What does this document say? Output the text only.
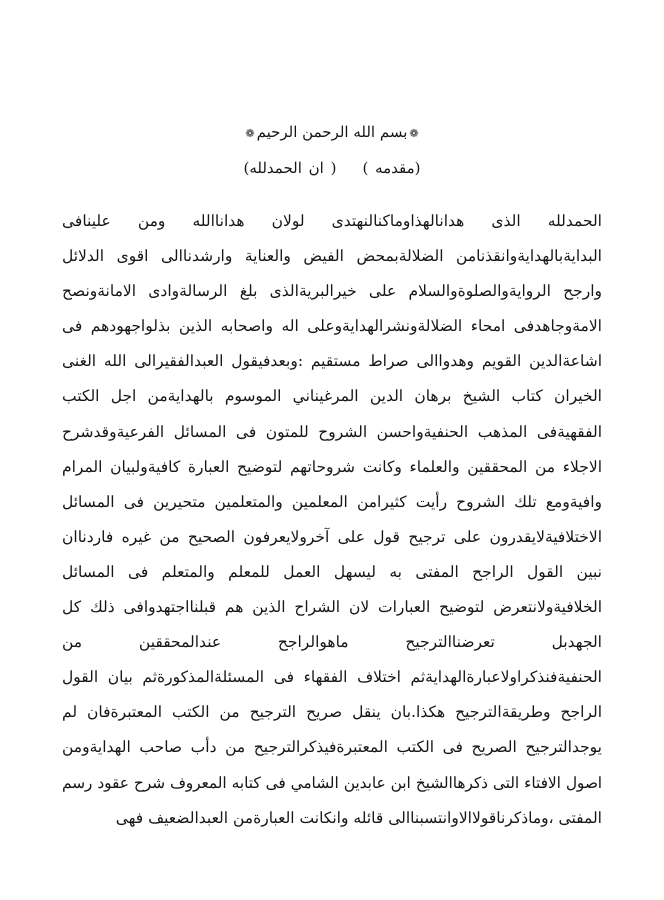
❁بسم الله الرحمن الرحيم❁
(مقدمه )( ان الحمدلله)
الحمدلله الذى هدانالهذاوماكنالنهتدى لولان هداناالله ومن علينافى
البدايةبالهدايةوانقذنامن الضلالةبمحض الفيض والعناية وارشدناالى اقوى الدلائل
وارجح الروايةوالصلوةوالسلام على خيرالبريةالذى بلغ الرسالةوادى الامانةونصح
الامةوجاهدفى امحاء الضلالةونشرالهدايةوعلى اله واصحابه الذين بذلواجهودهم فى
اشاعةالدين القويم وهدواالى صراط مستقيم :وبعدفيقول العبدالفقيرالى الله الغنى
الخيران كتاب الشيخ برهان الدين المرغيناني الموسوم بالهدايةمن اجل الكتب
الفقهيةفى المذهب الحنفيةواحسن الشروح للمتون فى المسائل الفرعيةوقدشرح
الاجلاء من المحققين والعلماء وكانت شروحاتهم لتوضيح العبارة كافيةولبيان المرام
وافيةومع تلك الشروح رأيت كثيرامن المعلمين والمتعلمين متحيرين فى المسائل
الاختلافيةلايقدرون على ترجيح قول على آخرولايعرفون الصحيح من غيره فاردناان
نبين القول الراجح المفتى به ليسهل العمل للمعلم والمتعلم فى المسائل
الخلافيةولانتعرض لتوضيح العبارات لان الشراح الذين هم قبلنااجتهدوافى ذلك كل
الجهدبل تعرضناالترجيح ماهوالراجح عندالمحققين من
الحنفيةفنذكراولاعبارةالهدايةثم اختلاف الفقهاء فى المسئلةالمذكورةثم بيان القول
الراجح وطريقةالترجيح هكذا.بان ينقل صريح الترجيح من الكتب المعتبرةفان لم
يوجدالترجيح الصريح فى الكتب المعتبرةفيذكرالترجيح من دأب صاحب الهدايةومن
اصول الافتاء التى ذكرهاالشيخ ابن عابدين الشامي فى كتابه المعروف شرح عقود رسم
المفتى ،وماذكرناقولاالاوانتسبناالى قائله وانكانت العبارةمن العبدالضعيف فهى
